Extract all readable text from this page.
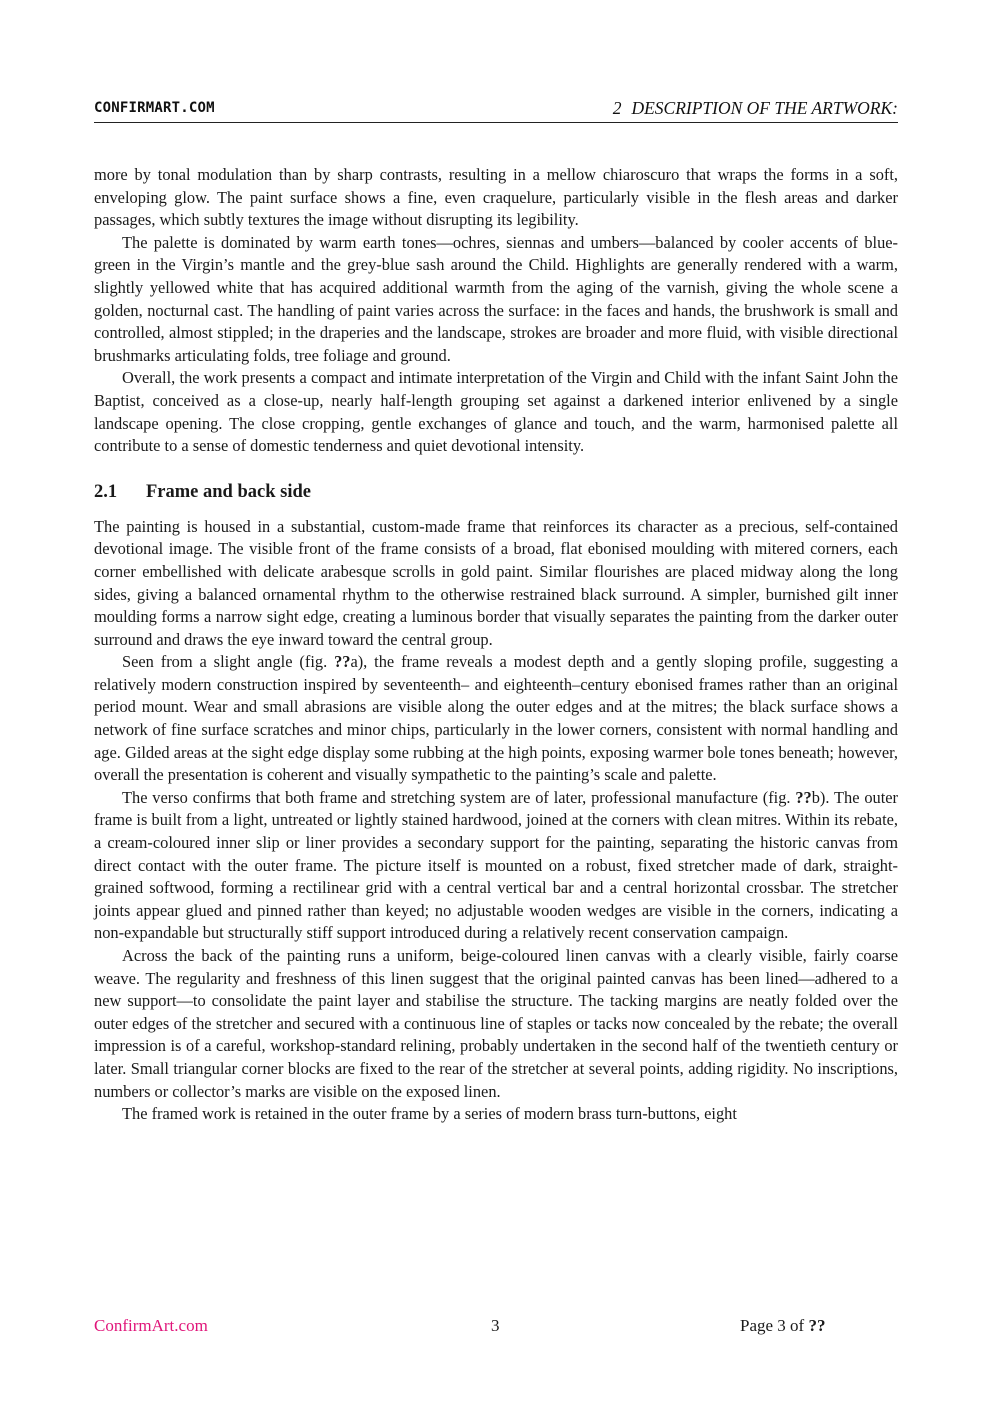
CONFIRMART.COM	2 DESCRIPTION OF THE ARTWORK:

more by tonal modulation than by sharp contrasts, resulting in a mellow chiaroscuro that wraps the forms in a soft, enveloping glow. The paint surface shows a fine, even craquelure, particularly visible in the flesh areas and darker passages, which subtly textures the image without disrupting its legibility.

The palette is dominated by warm earth tones—ochres, siennas and umbers—balanced by cooler accents of blue-green in the Virgin’s mantle and the grey-blue sash around the Child. Highlights are generally rendered with a warm, slightly yellowed white that has acquired additional warmth from the aging of the varnish, giving the whole scene a golden, nocturnal cast. The handling of paint varies across the surface: in the faces and hands, the brushwork is small and controlled, almost stippled; in the draperies and the landscape, strokes are broader and more fluid, with visible directional brushmarks articulating folds, tree foliage and ground.

Overall, the work presents a compact and intimate interpretation of the Virgin and Child with the infant Saint John the Baptist, conceived as a close-up, nearly half-length grouping set against a darkened interior enlivened by a single landscape opening. The close cropping, gentle exchanges of glance and touch, and the warm, harmonised palette all contribute to a sense of domestic tenderness and quiet devotional intensity.

2.1 Frame and back side

The painting is housed in a substantial, custom-made frame that reinforces its character as a precious, self-contained devotional image. The visible front of the frame consists of a broad, flat ebonised moulding with mitered corners, each corner embellished with delicate arabesque scrolls in gold paint. Similar flourishes are placed midway along the long sides, giving a balanced ornamental rhythm to the otherwise restrained black surround. A simpler, burnished gilt inner moulding forms a narrow sight edge, creating a luminous border that visually separates the painting from the darker outer surround and draws the eye inward toward the central group.

Seen from a slight angle (fig. ??a), the frame reveals a modest depth and a gently sloping profile, suggesting a relatively modern construction inspired by seventeenth– and eighteenth–century ebonised frames rather than an original period mount. Wear and small abrasions are visible along the outer edges and at the mitres; the black surface shows a network of fine surface scratches and minor chips, particularly in the lower corners, consistent with normal handling and age. Gilded areas at the sight edge display some rubbing at the high points, exposing warmer bole tones beneath; however, overall the presentation is coherent and visually sympathetic to the painting’s scale and palette.

The verso confirms that both frame and stretching system are of later, professional manufacture (fig. ??b). The outer frame is built from a light, untreated or lightly stained hardwood, joined at the corners with clean mitres. Within its rebate, a cream-coloured inner slip or liner provides a secondary support for the painting, separating the historic canvas from direct contact with the outer frame. The picture itself is mounted on a robust, fixed stretcher made of dark, straight-grained softwood, forming a rectilinear grid with a central vertical bar and a central horizontal crossbar. The stretcher joints appear glued and pinned rather than keyed; no adjustable wooden wedges are visible in the corners, indicating a non-expandable but structurally stiff support introduced during a relatively recent conservation campaign.

Across the back of the painting runs a uniform, beige-coloured linen canvas with a clearly visible, fairly coarse weave. The regularity and freshness of this linen suggest that the original painted canvas has been lined—adhered to a new support—to consolidate the paint layer and stabilise the structure. The tacking margins are neatly folded over the outer edges of the stretcher and secured with a continuous line of staples or tacks now concealed by the rebate; the overall impression is of a careful, workshop-standard relining, probably undertaken in the second half of the twentieth century or later. Small triangular corner blocks are fixed to the rear of the stretcher at several points, adding rigidity. No inscriptions, numbers or collector’s marks are visible on the exposed linen.

The framed work is retained in the outer frame by a series of modern brass turn-buttons, eight

ConfirmArt.com	3	Page 3 of ??
